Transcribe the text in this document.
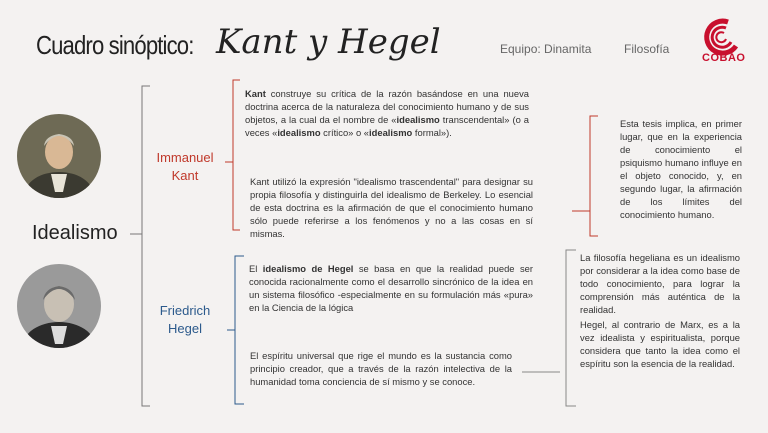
Cuadro sinóptico: Kant y Hegel	Equipo: Dinamita	Filosofía
COBAO
Idealismo
Immanuel Kant
Friedrich Hegel
Kant construye su crítica de la razón basándose en una nueva doctrina acerca de la naturaleza del conocimiento humano y de sus objetos, a la cual da el nombre de «idealismo transcendental» (o a veces «idealismo crítico» o «idealismo formal»).
Kant utilizó la expresión "idealismo trascendental" para designar su propia filosofía y distinguirla del idealismo de Berkeley. Lo esencial de esta doctrina es la afirmación de que el conocimiento humano sólo puede referirse a los fenómenos y no a las cosas en sí mismas.
Esta tesis implica, en primer lugar, que en la experiencia de conocimiento el psiquismo humano influye en el objeto conocido, y, en segundo lugar, la afirmación de los límites del conocimiento humano.
El idealismo de Hegel se basa en que la realidad puede ser conocida racionalmente como el desarrollo sincrónico de la idea en un sistema filosófico -especialmente en su formulación más «pura» en la Ciencia de la lógica
El espíritu universal que rige el mundo es la sustancia como principio creador, que a través de la razón intelectiva de la humanidad toma conciencia de sí mismo y se conoce.
La filosofía hegeliana es un idealismo por considerar a la idea como base de todo conocimiento, para lograr la comprensión más auténtica de la realidad.
Hegel, al contrario de Marx, es a la vez idealista y espiritualista, porque considera que tanto la idea como el espíritu son la esencia de la realidad.
